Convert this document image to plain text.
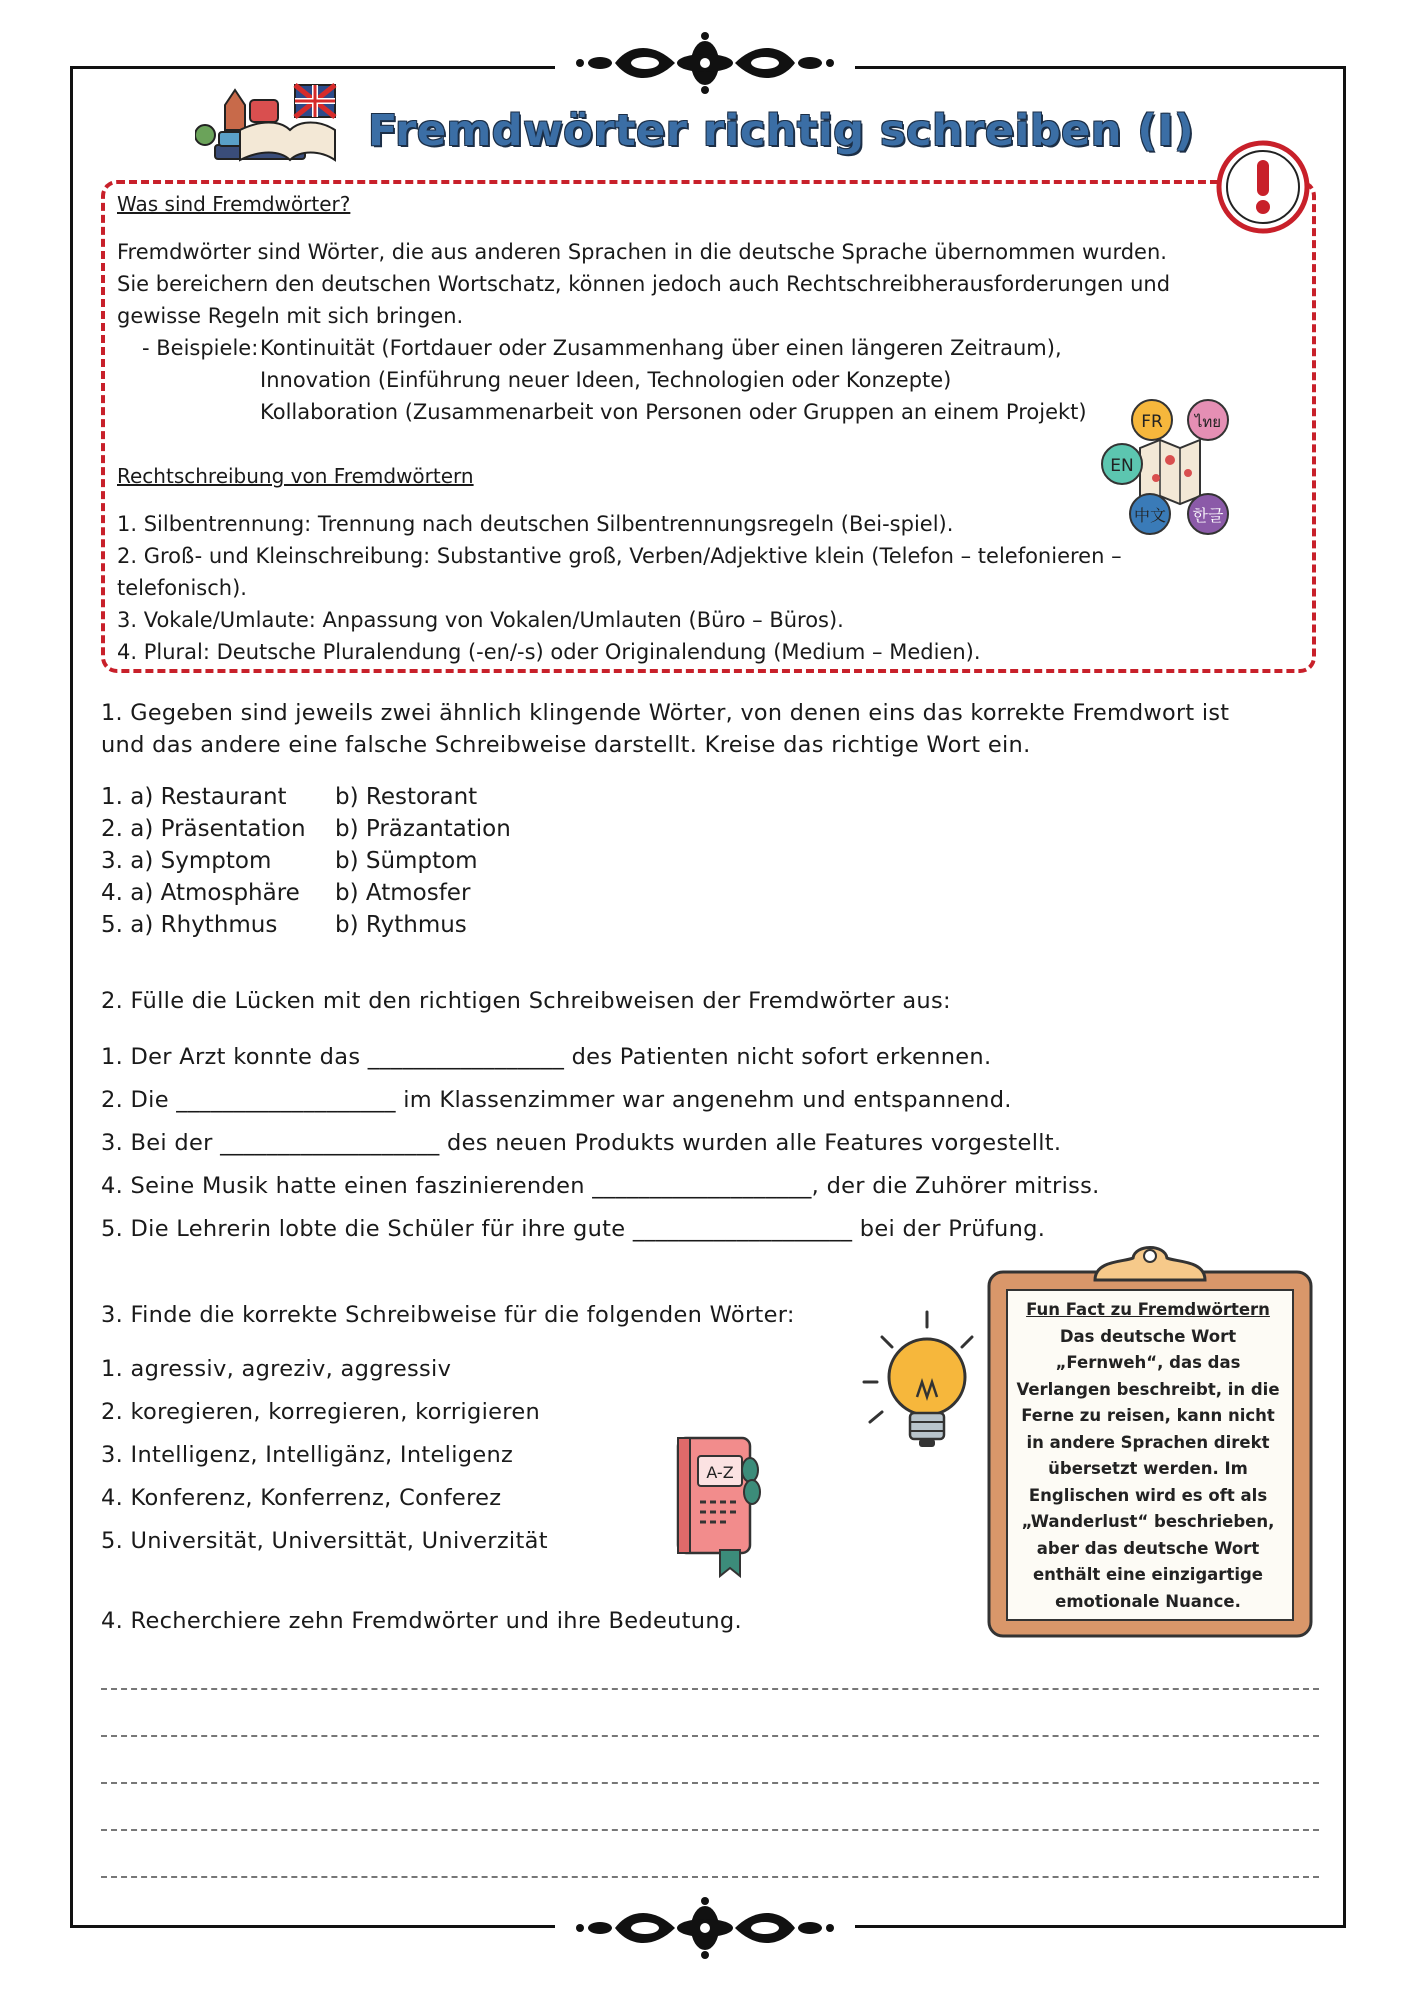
Fremdwörter richtig schreiben (I)
Was sind Fremdwörter?
Fremdwörter sind Wörter, die aus anderen Sprachen in die deutsche Sprache übernommen wurden.
Sie bereichern den deutschen Wortschatz, können jedoch auch Rechtschreibherausforderungen und
gewisse Regeln mit sich bringen.
- Beispiele: Kontinuität (Fortdauer oder Zusammenhang über einen längeren Zeitraum),
Innovation (Einführung neuer Ideen, Technologien oder Konzepte)
Kollaboration (Zusammenarbeit von Personen oder Gruppen an einem Projekt)	FR ไทย
EN
中文 한글
Rechtschreibung von Fremdwörtern
1. Silbentrennung: Trennung nach deutschen Silbentrennungsregeln (Bei-spiel).
2. Groß- und Kleinschreibung: Substantive groß, Verben/Adjektive klein (Telefon – telefonieren –
telefonisch).
3. Vokale/Umlaute: Anpassung von Vokalen/Umlauten (Büro – Büros).
4. Plural: Deutsche Pluralendung (-en/-s) oder Originalendung (Medium – Medien).
1. Gegeben sind jeweils zwei ähnlich klingende Wörter, von denen eins das korrekte Fremdwort ist
und das andere eine falsche Schreibweise darstellt. Kreise das richtige Wort ein.
1. a) Restaurant b) Restorant
2. a) Präsentation b) Präzantation
3. a) Symptom	b) Sümptom
4. a) Atmosphäre b) Atmosfer
5. a) Rhythmus	b) Rythmus
2. Fülle die Lücken mit den richtigen Schreibweisen der Fremdwörter aus:
1. Der Arzt konnte das _________________ des Patienten nicht sofort erkennen.
2. Die ___________________ im Klassenzimmer war angenehm und entspannend.
3. Bei der ___________________ des neuen Produkts wurden alle Features vorgestellt.
4. Seine Musik hatte einen faszinierenden ___________________, der die Zuhörer mitriss.
5. Die Lehrerin lobte die Schüler für ihre gute ___________________ bei der Prüfung.
3. Finde die korrekte Schreibweise für die folgenden Wörter:
1. agressiv, agreziv, aggressiv
2. koregieren, korregieren, korrigieren
3. Intelligenz, Intelligänz, Inteligenz
4. Konferenz, Konferrenz, Conferez
5. Universität, Universittät, Univerzität
A-Z

Fun Fact zu Fremdwörtern

Das deutsche Wort

„Fernweh“, das das

Verlangen beschreibt, in die

Ferne zu reisen, kann nicht

in andere Sprachen direkt

übersetzt werden. Im

Englischen wird es oft als

„Wanderlust“ beschrieben,

aber das deutsche Wort

enthält eine einzigartige

emotionale Nuance.

4. Recherchiere zehn Fremdwörter und ihre Bedeutung.
